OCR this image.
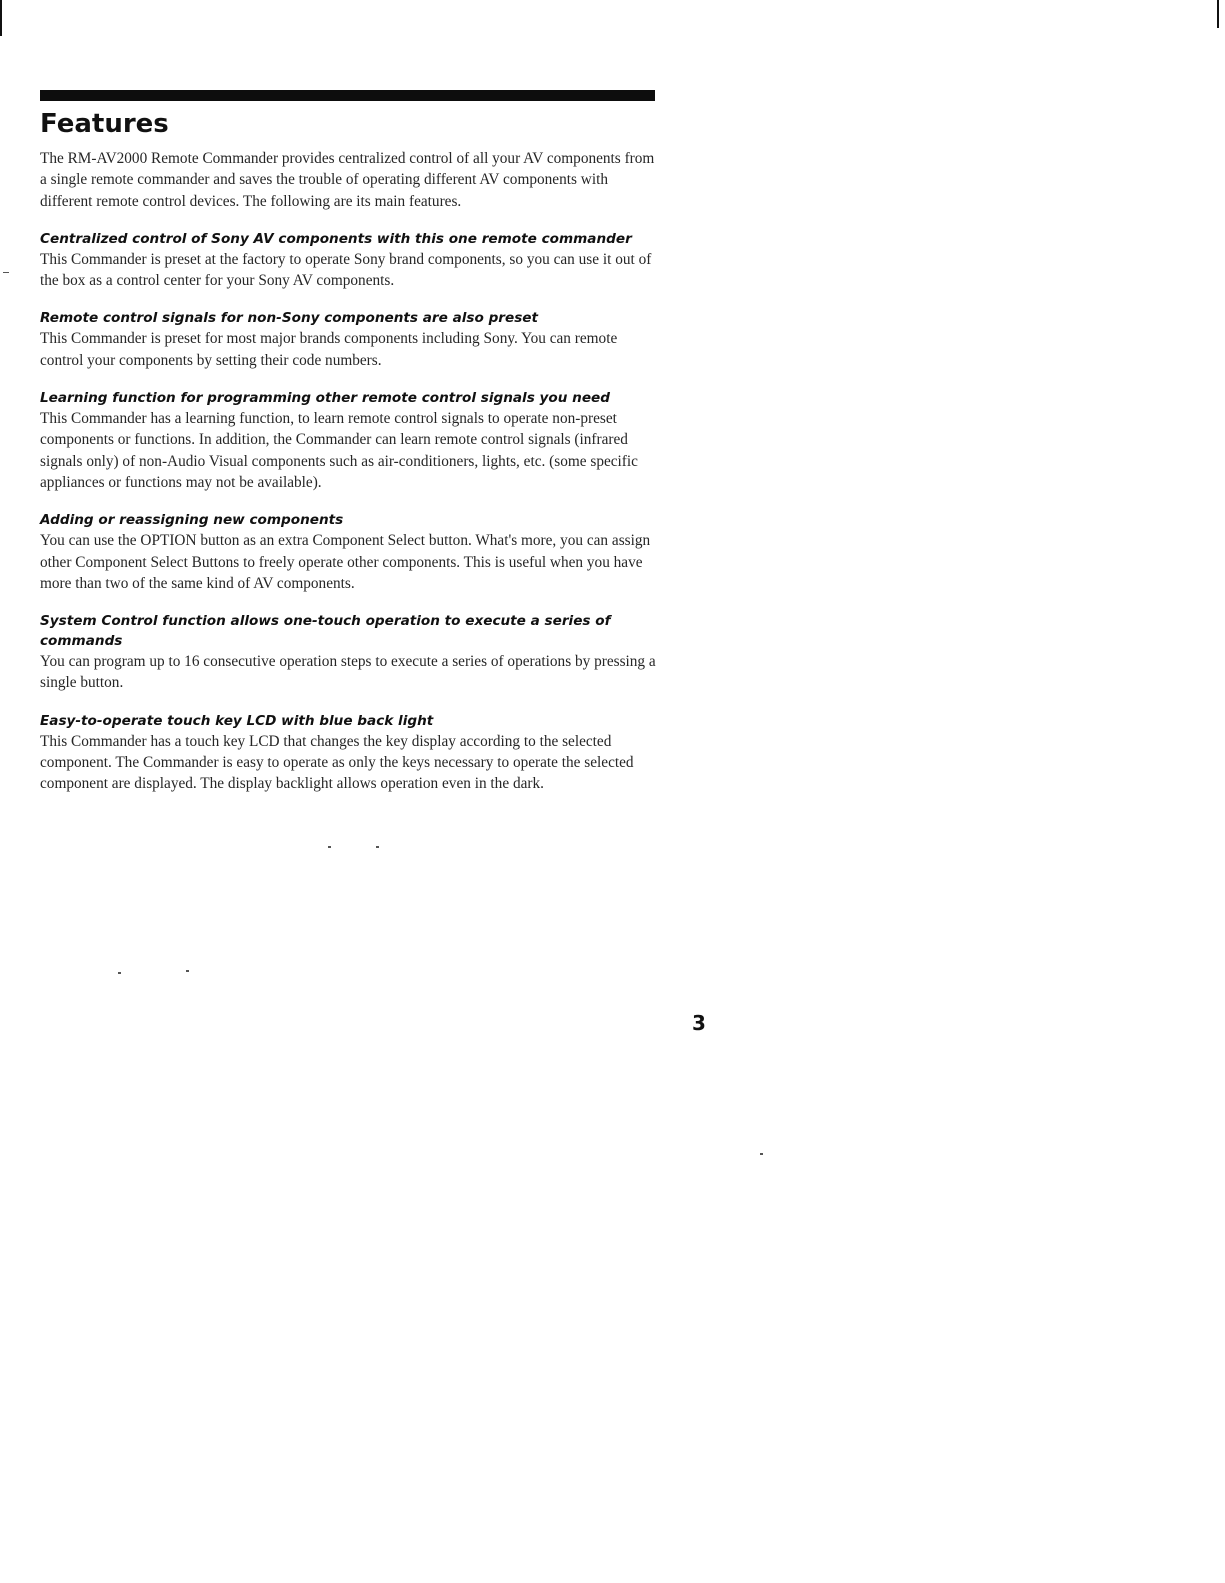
Features

The RM-AV2000 Remote Commander provides centralized control of all your AV components from a single remote commander and saves the trouble of operating different AV components with different remote control devices. The following are its main features.

Centralized control of Sony AV components with this one remote commander

This Commander is preset at the factory to operate Sony brand components, so you can use it out of the box as a control center for your Sony AV components.

Remote control signals for non-Sony components are also preset

This Commander is preset for most major brands components including Sony. You can remote control your components by setting their code numbers.

Learning function for programming other remote control signals you need

This Commander has a learning function, to learn remote control signals to operate non-preset components or functions. In addition, the Commander can learn remote control signals (infrared signals only) of non-Audio Visual components such as air-conditioners, lights, etc. (some specific appliances or functions may not be available).

Adding or reassigning new components

You can use the OPTION button as an extra Component Select button. What's more, you can assign other Component Select Buttons to freely operate other components. This is useful when you have more than two of the same kind of AV components.

System Control function allows one-touch operation to execute a series of commands

You can program up to 16 consecutive operation steps to execute a series of operations by pressing a single button.

Easy-to-operate touch key LCD with blue back light

This Commander has a touch key LCD that changes the key display according to the selected component. The Commander is easy to operate as only the keys necessary to operate the selected component are displayed. The display backlight allows operation even in the dark.

3
